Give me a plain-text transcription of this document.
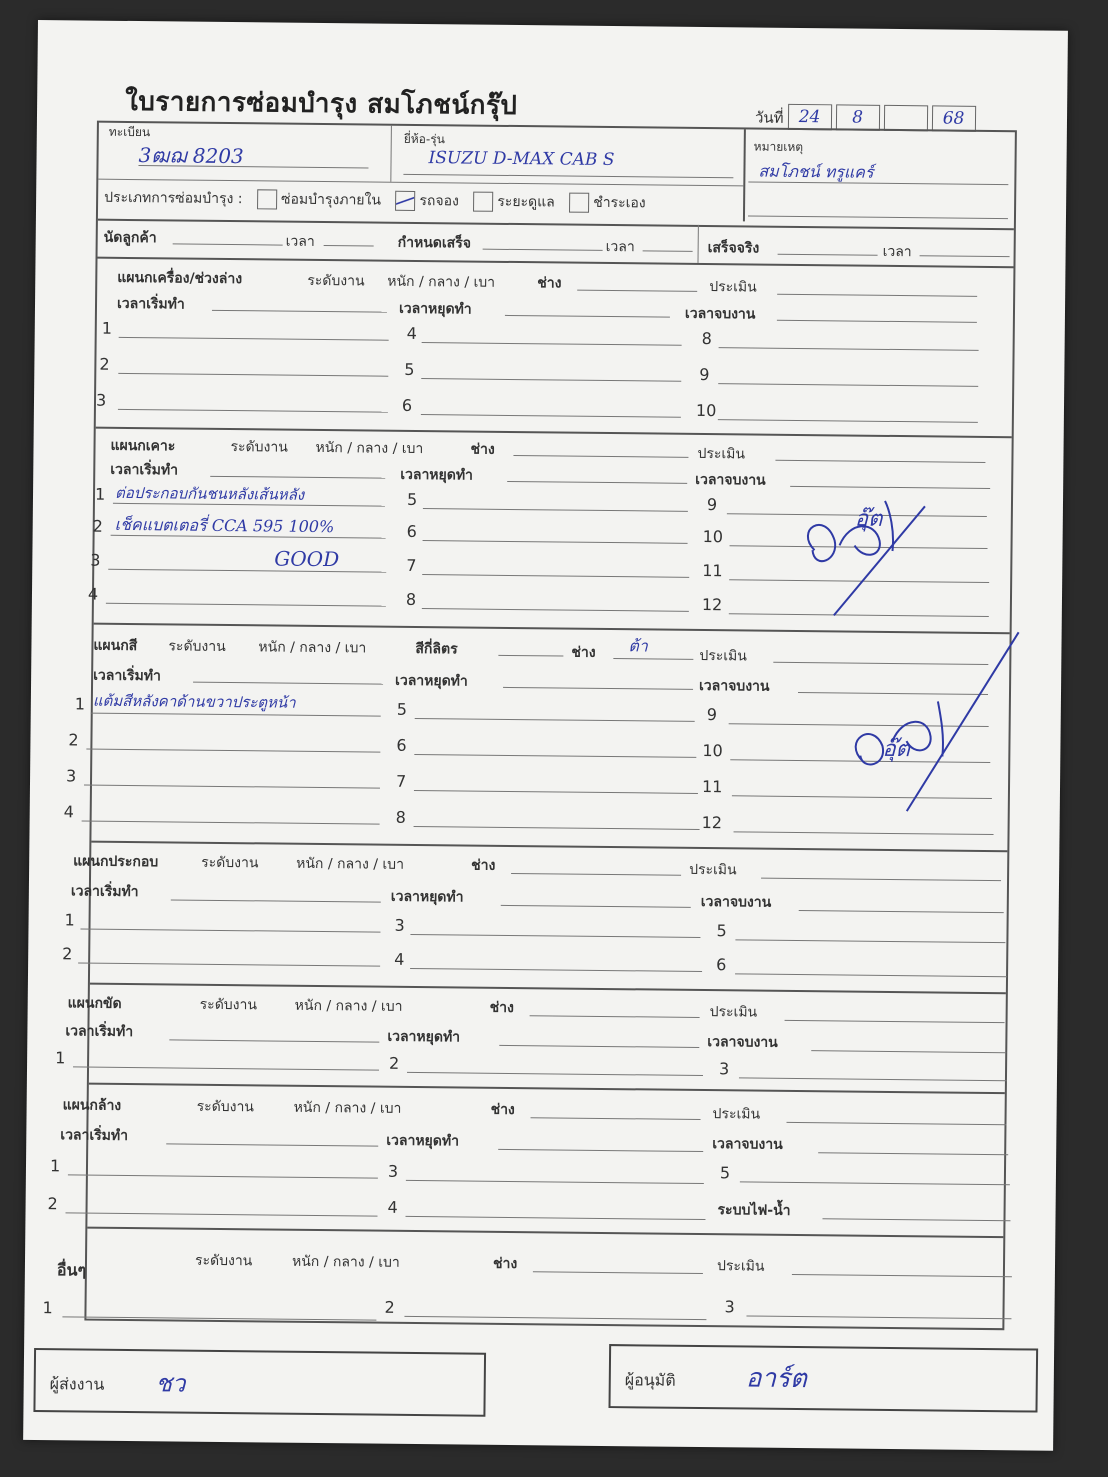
ใบรายการซ่อมบำรุง สมโภชน์กรุ๊ป	วันที่ 24	8	68
ทะเบียน
3ฒฌ 8203
ยี่ห้อ-รุ่น
ISUZU D-MAX CAB S
หมายเหตุ
สมโภชน์ ทรูแคร์
ประเภทการซ่อมบำรุง :	ซ่อมบำรุงภายใน	รถจอง	ระยะดูแล	ชำระเอง
นัดลูกค้า	เวลา	กำหนดเสร็จ	เวลา	เสร็จจริง	เวลา
แผนกเครื่อง/ช่วงล่าง	ระดับงาน หนัก / กลาง / เบา	ช่าง	ประเมิน
เวลาเริ่มทำ	เวลาหยุดทำ	เวลาจบงาน
1	4	8
2	5	9
3	6	10
แผนกเคาะ	ระดับงาน หนัก / กลาง / เบา	ช่าง	ประเมิน
เวลาเริ่มทำ	เวลาหยุดทำ	เวลาจบงาน
1 ต่อประกอบกันชนหลังเส้นหลัง	5	9
2 เช็คแบตเตอรี่ CCA 595 100%	6	10
3	GOOD	7	11
4	8	12
อุ๊ต
แผนกสี ระดับงาน หนัก / กลาง / เบา	สีกี่ลิตร	ช่าง ต้า
ประเมิน
เวลาเริ่มทำ	เวลาหยุดทำ	เวลาจบงาน
1 แต้มสีหลังคาด้านขวาประตูหน้า	5	9
2	6	10
3	7	11
4	8	12
อุ๊ต
แผนกประกอบ	ระดับงาน	หนัก / กลาง / เบา	ช่าง	ประเมิน
เวลาเริ่มทำ	เวลาหยุดทำ	เวลาจบงาน
1	3	5
2	4	6
แผนกขัด	ระดับงาน	หนัก / กลาง / เบา	ช่าง	ประเมิน
เวลาเริ่มทำ	เวลาหยุดทำ	เวลาจบงาน
1	2	3
แผนกล้าง	ระดับงาน	หนัก / กลาง / เบา	ช่าง	ประเมิน
เวลาเริ่มทำ	เวลาหยุดทำ	เวลาจบงาน
1	3	5
2	4	ระบบไฟ-น้ำ
อื่นๆ	ระดับงาน	หนัก / กลาง / เบา	ช่าง	ประเมิน
1	2	3
ผู้ส่งงาน ชว	ผู้อนุมัติ	อาร์ต
